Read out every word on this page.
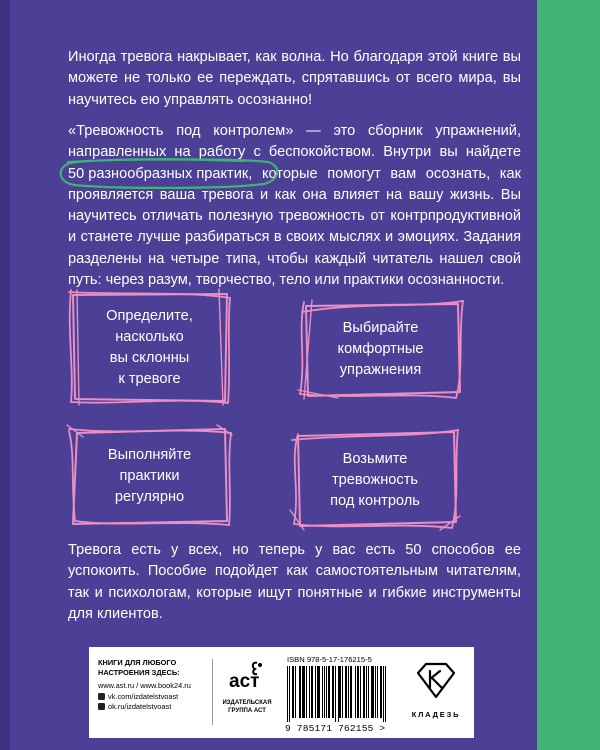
Иногда тревога накрывает, как волна. Но благодаря этой книге вы можете не только ее переждать, спрятавшись от всего мира, вы научитесь ею управлять осознанно!

«Тревожность под контролем» — это сборник упражнений, направленных на работу с беспокойством. Внутри вы найдете
50 разнообразных практик, которые помогут вам осознать, как проявляется ваша тревога и как она влияет на вашу жизнь. Вы научитесь отличать полезную тревожность от контрпродуктивной и станете лучше разбираться в своих мыслях и эмоциях. Задания разделены на четыре типа, чтобы каждый читатель нашел свой путь: через разум, творчество, тело или практики осознанности.

Определите,
насколько
вы склонны
к тревоге
Выбирайте
комфортные
упражнения
Выполняйте
практики
регулярно
Возьмите
тревожность
под контроль

Тревога есть у всех, но теперь у вас есть 50 способов ее успокоить. Пособие подойдет как самостоятельным читателям, так и психологам, которые ищут понятные и гибкие инструменты для клиентов.

КНИГИ ДЛЯ ЛЮБОГО
НАСТРОЕНИЯ ЗДЕСЬ:
www.ast.ru / www.book24.ru
vk.com/izdatelstvoast
ok.ru/izdatelstvoast
аст
ИЗДАТЕЛЬСКАЯ
ГРУППА АСТ
ISBN 978-5-17-176215-5
9 785171 762155 >
КЛАДЕЗЬ
